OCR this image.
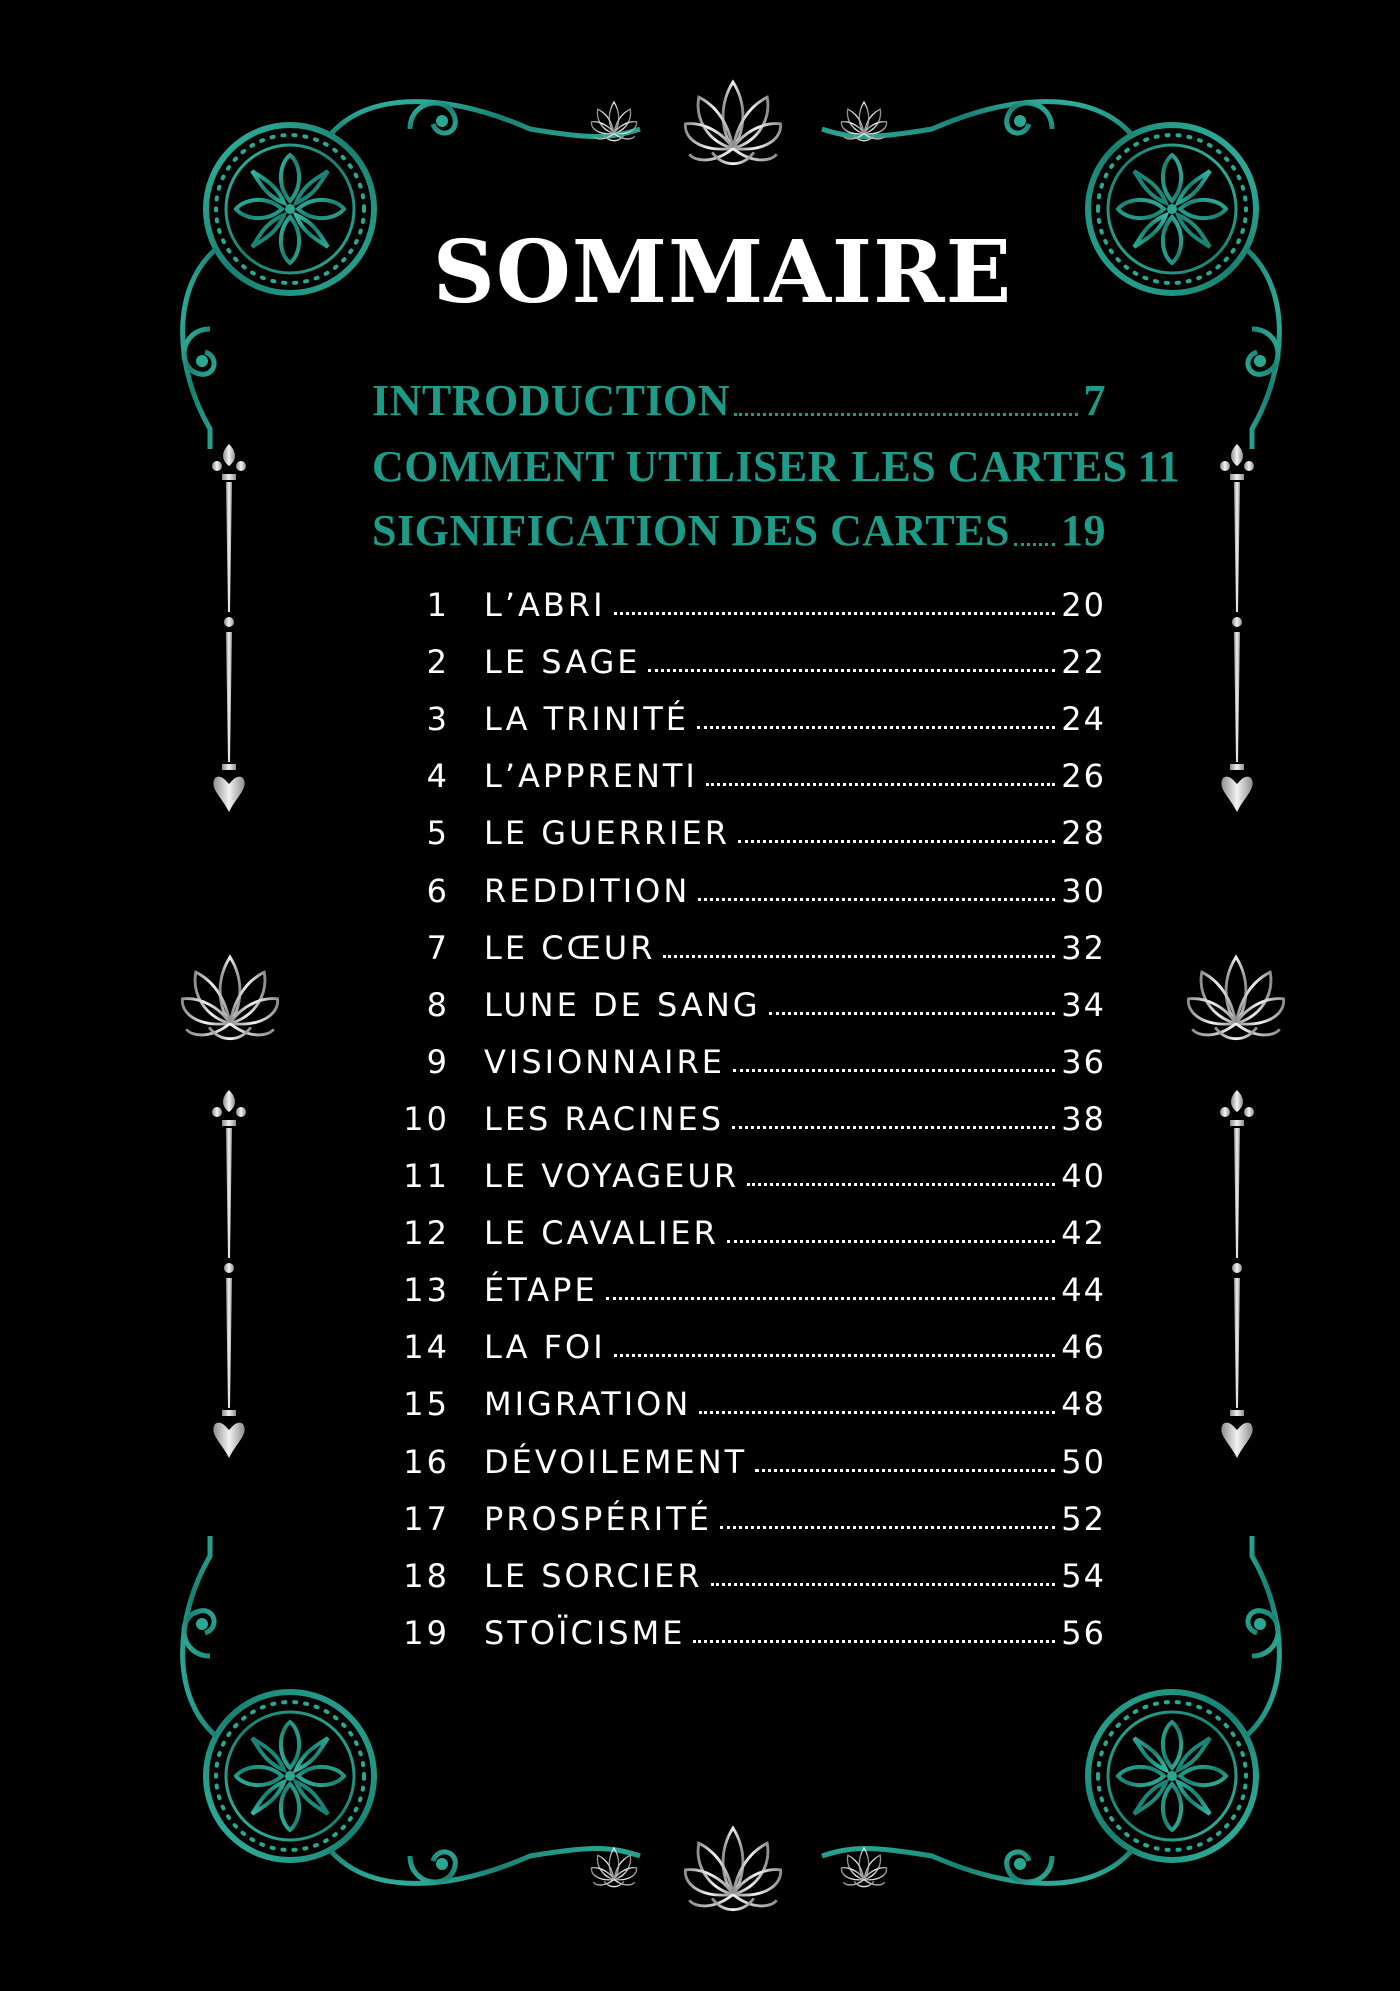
SOMMAIRE
INTRODUCTION	7
COMMENT UTILISER LES CARTES 11
SIGNIFICATION DES CARTES 19
1 L’ABRI	20
2 LE SAGE	22
3 LA TRINITÉ	24
4 L’APPRENTI	26
5 LE GUERRIER	28
6 REDDITION	30
7 LE CŒUR	32
8 LUNE DE SANG	34
9 VISIONNAIRE	36
10 LES RACINES	38
11 LE VOYAGEUR	40
12 LE CAVALIER	42
13 ÉTAPE	44
14 LA FOI	46
15 MIGRATION	48
16 DÉVOILEMENT	50
17 PROSPÉRITÉ	52
18 LE SORCIER	54
19 STOÏCISME	56
